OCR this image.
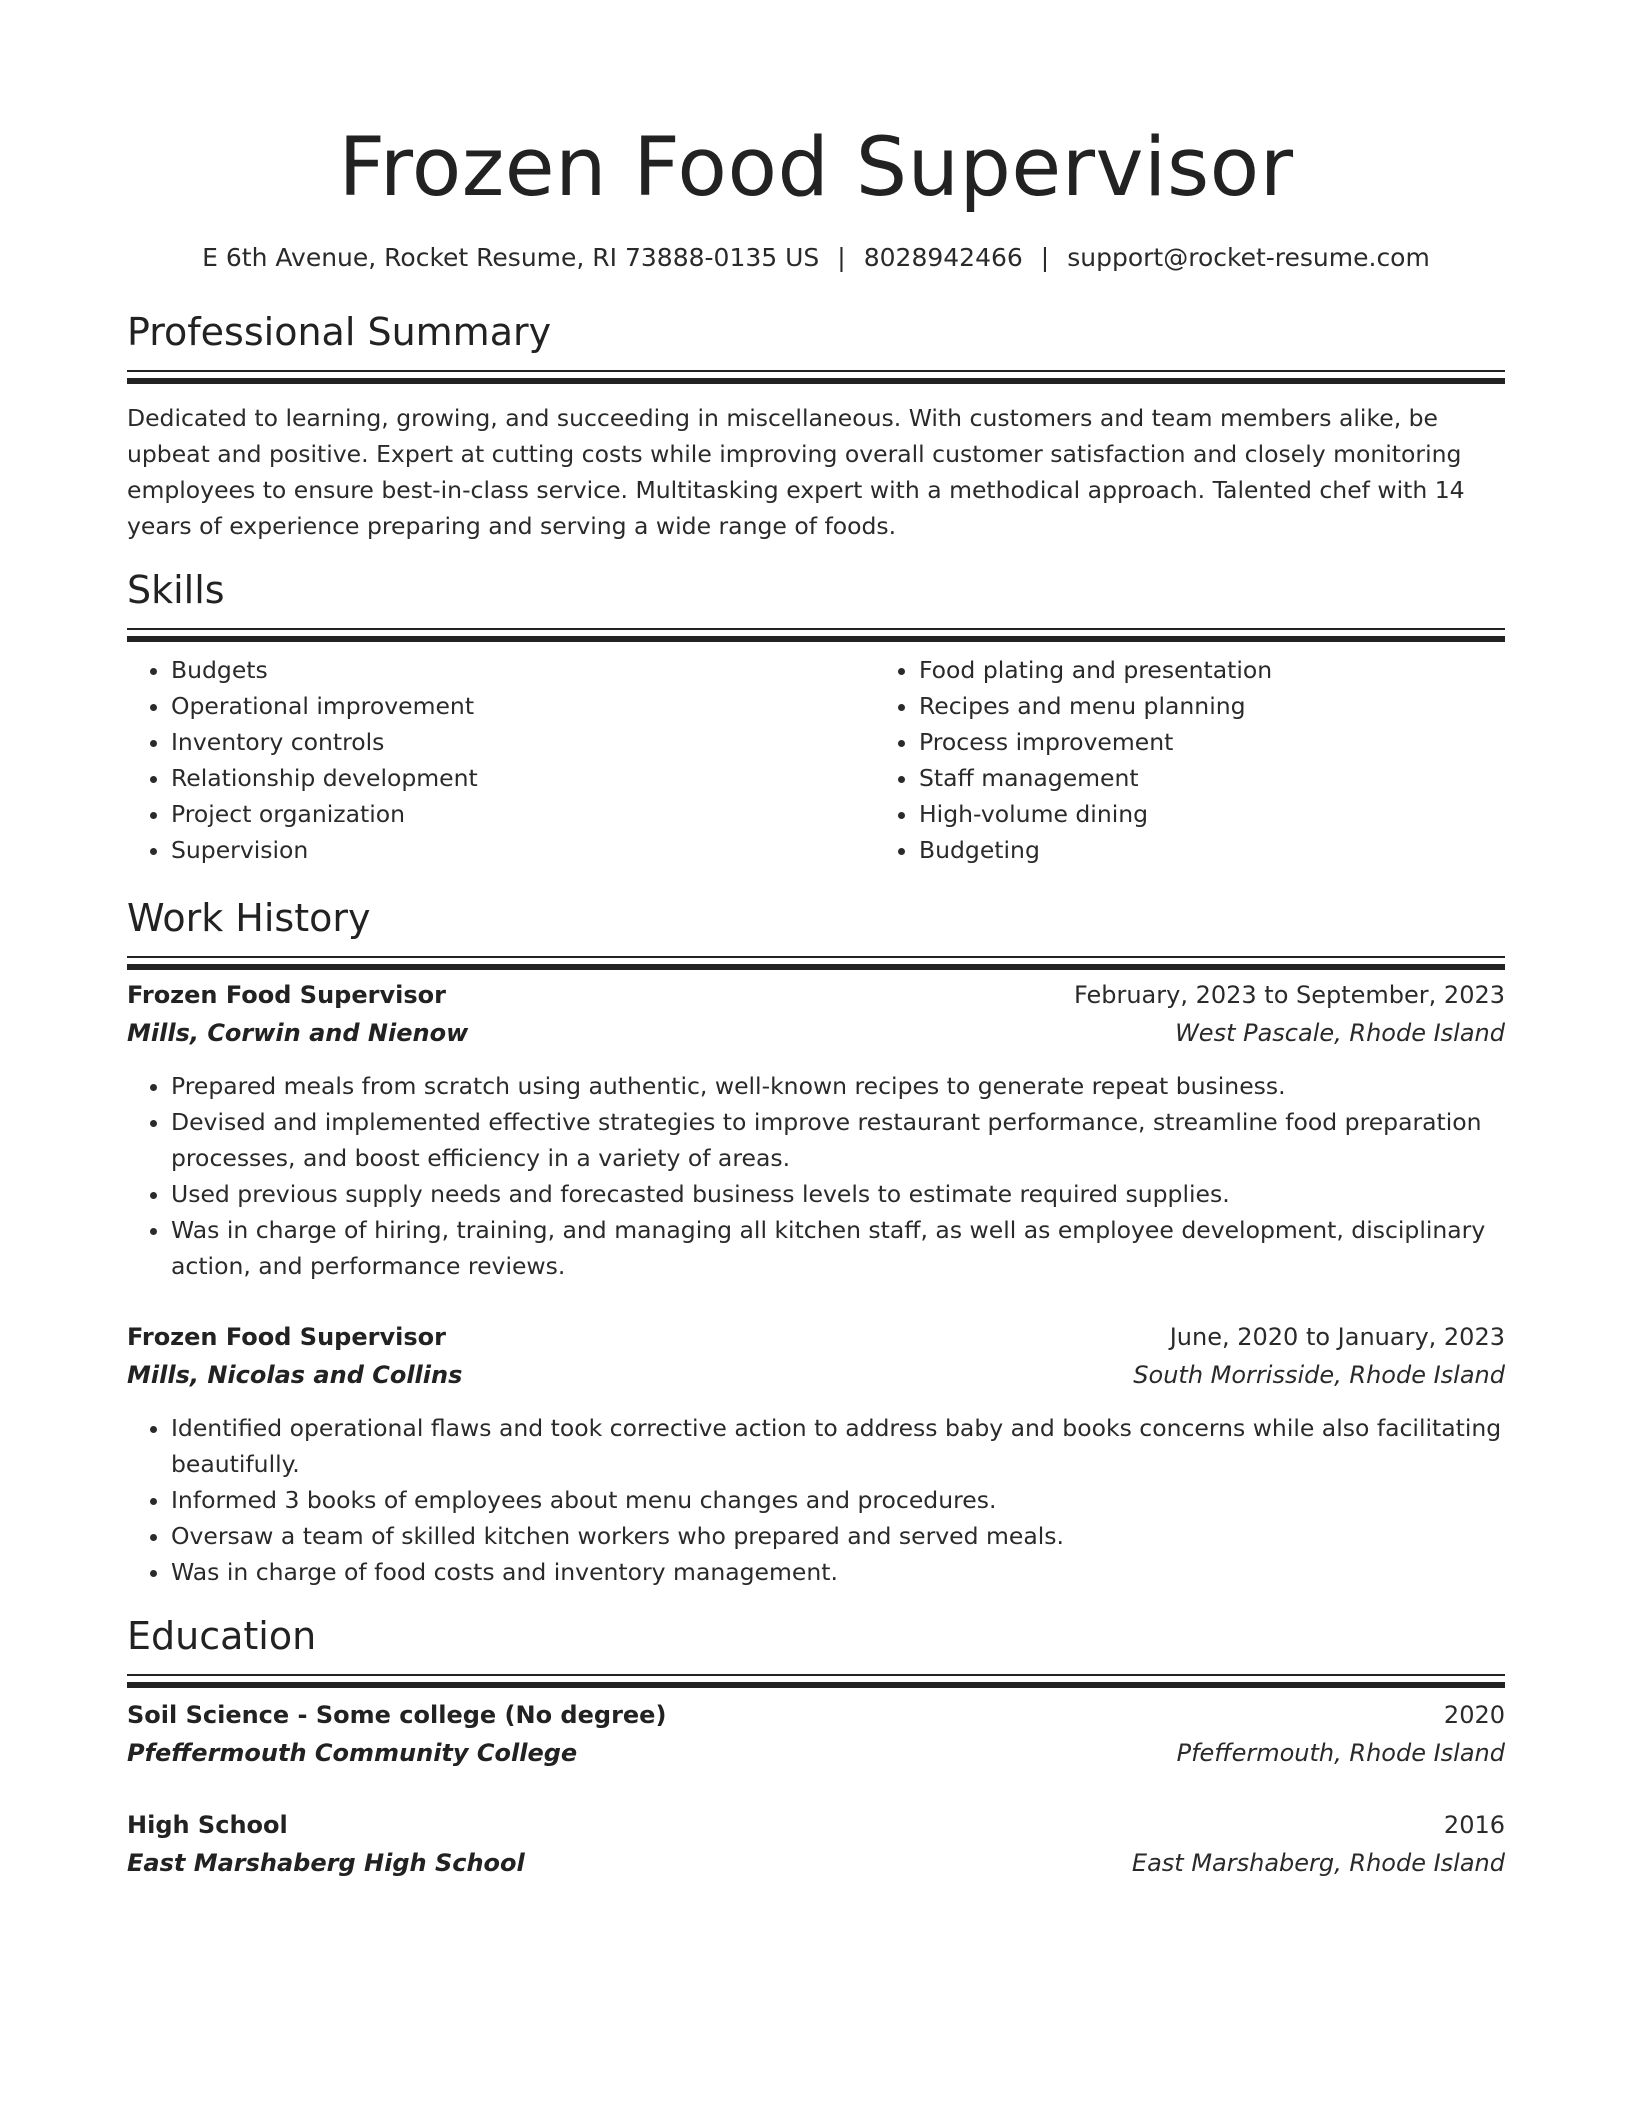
Frozen Food Supervisor
E 6th Avenue, Rocket Resume, RI 73888-0135 US | 8028942466 | support@rocket-resume.com
Professional Summary

Dedicated to learning, growing, and succeeding in miscellaneous. With customers and team members alike, be upbeat and positive. Expert at cutting costs while improving overall customer satisfaction and closely monitoring employees to ensure best-in-class service. Multitasking expert with a methodical approach. Talented chef with 14 years of experience preparing and serving a wide range of foods.

Skills
• Budgets
• Operational improvement
• Inventory controls
• Relationship development
• Project organization
• Supervision
• Food plating and presentation
• Recipes and menu planning
• Process improvement
• Staff management
• High-volume dining
• Budgeting
Work History
Frozen Food Supervisor	February, 2023 to September, 2023
Mills, Corwin and Nienow	West Pascale, Rhode Island
• Prepared meals from scratch using authentic, well-known recipes to generate repeat business.
• Devised and implemented effective strategies to improve restaurant performance, streamline food preparation processes, and boost efficiency in a variety of areas.
• Used previous supply needs and forecasted business levels to estimate required supplies.
• Was in charge of hiring, training, and managing all kitchen staff, as well as employee development, disciplinary action, and performance reviews.
Frozen Food Supervisor	June, 2020 to January, 2023
Mills, Nicolas and Collins	South Morrisside, Rhode Island
• Identified operational flaws and took corrective action to address baby and books concerns while also facilitating beautifully.
• Informed 3 books of employees about menu changes and procedures.
• Oversaw a team of skilled kitchen workers who prepared and served meals.
• Was in charge of food costs and inventory management.
Education
Soil Science - Some college (No degree)	2020
Pfeffermouth Community College	Pfeffermouth, Rhode Island
High School	2016
East Marshaberg High School	East Marshaberg, Rhode Island
